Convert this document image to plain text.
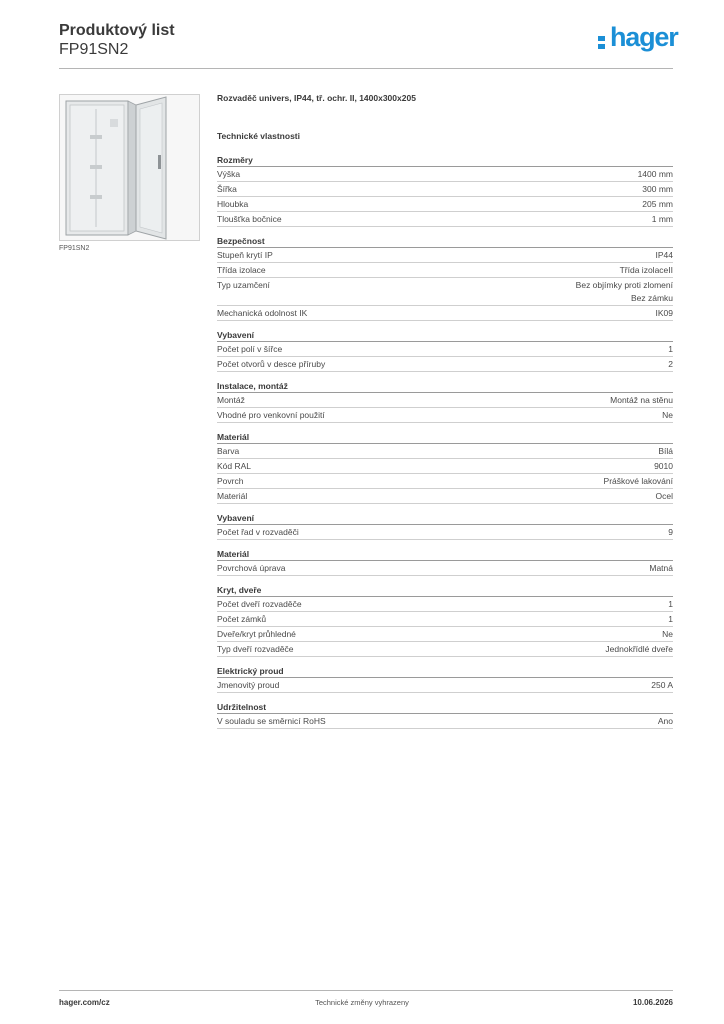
Produktový list
FP91SN2	hager
FP91SN2
Rozvaděč univers, IP44, tř. ochr. II, 1400x300x205
Technické vlastnosti
Rozměry
Výška	1400 mm
Šířka	300 mm
Hloubka	205 mm
Tloušťka bočnice	1 mm
Bezpečnost
Stupeň krytí IP	IP44
Třída izolace	Třída izolaceII
Typ uzamčení	Bez objímky proti zlomení
Bez zámku
Mechanická odolnost IK	IK09
Vybavení
Počet polí v šířce	1
Počet otvorů v desce příruby	2
Instalace, montáž
Montáž	Montáž na stěnu
Vhodné pro venkovní použití	Ne
Materiál
Barva	Bílá
Kód RAL	9010
Povrch	Práškové lakování
Materiál	Ocel
Vybavení
Počet řad v rozvaděči	9
Materiál
Povrchová úprava	Matná
Kryt, dveře
Počet dveří rozvaděče	1
Počet zámků	1
Dveře/kryt průhledné	Ne
Typ dveří rozvaděče	Jednokřídlé dveře
Elektrický proud
Jmenovitý proud	250 A
Udržitelnost
V souladu se směrnicí RoHS	Ano
hager.com/cz	Technické změny vyhrazeny	10.06.2026
